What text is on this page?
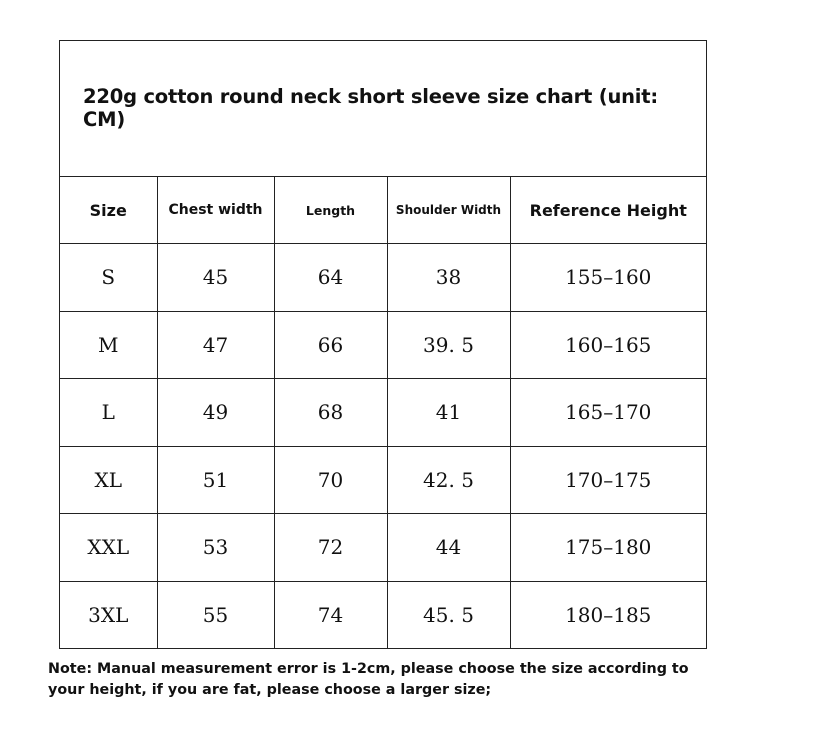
220g cotton round neck short sleeve size chart (unit: CM)
Size	Chest width	Length	Shoulder Width	Reference Height
S	45	64	38	155–160
M	47	66	39. 5	160–165
L	49	68	41	165–170
XL	51	70	42. 5	170–175
XXL	53	72	44	175–180
3XL	55	74	45. 5	180–185
Note: Manual measurement error is 1-2cm, please choose the size according to
your height, if you are fat, please choose a larger size;
